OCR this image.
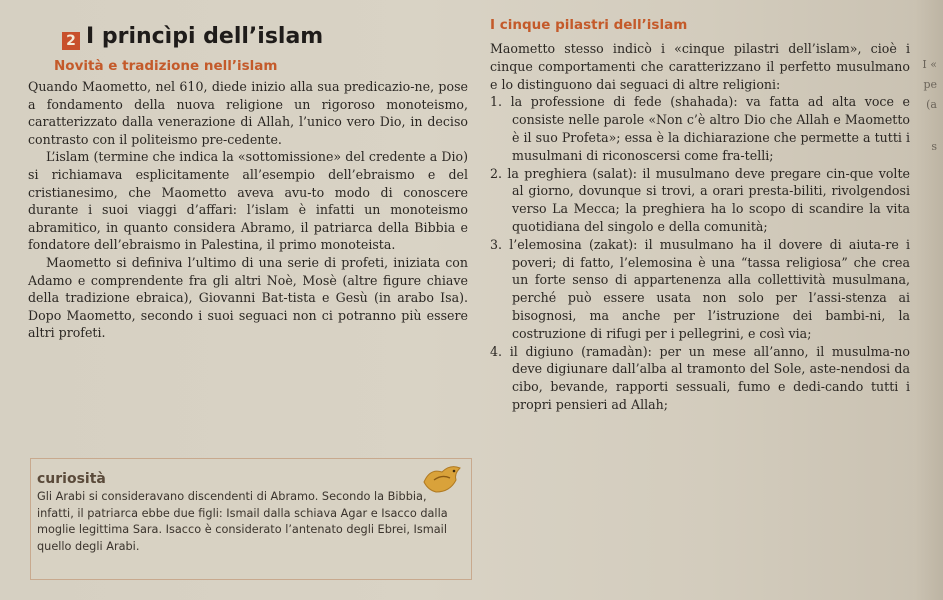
2 I princìpi dell’islam
Novità e tradizione nell’islam
I cinque pilastri dell’islam

Quando Maometto, nel 610, diede inizio alla sua predicazio-ne, pose a fondamento della nuova religione un rigoroso monoteismo, caratterizzato dalla venerazione di Allah, l’unico vero Dio, in deciso contrasto con il politeismo pre-cedente.

L’islam (termine che indica la «sottomissione» del credente a Dio) si richiamava esplicitamente all’esempio dell’ebraismo e del cristianesimo, che Maometto aveva avu-to modo di conoscere durante i suoi viaggi d’affari: l’islam è infatti un monoteismo abramitico, in quanto considera Abramo, il patriarca della Bibbia e fondatore dell’ebraismo in Palestina, il primo monoteista.

Maometto si definiva l’ultimo di una serie di profeti, iniziata con Adamo e comprendente fra gli altri Noè, Mosè (altre figure chiave della tradizione ebraica), Giovanni Bat-tista e Gesù (in arabo Isa). Dopo Maometto, secondo i suoi seguaci non ci potranno più essere altri profeti.

Maometto stesso indicò i «cinque pilastri dell’islam», cioè i cinque comportamenti che caratterizzano il perfetto musulmano e lo distinguono dai seguaci di altre religioni:

1. la professione di fede (shahada): va fatta ad alta voce e consiste nelle parole «Non c’è altro Dio che Allah e Maometto è il suo Profeta»; essa è la dichiarazione che permette a tutti i musulmani di riconoscersi come fra-telli;

2. la preghiera (salat): il musulmano deve pregare cin-que volte al giorno, dovunque si trovi, a orari presta-biliti, rivolgendosi verso La Mecca; la preghiera ha lo scopo di scandire la vita quotidiana del singolo e della comunità;

3. l’elemosina (zakat): il musulmano ha il dovere di aiuta-re i poveri; di fatto, l’elemosina è una “tassa religiosa” che crea un forte senso di appartenenza alla collettività musulmana, perché può essere usata non solo per l’assi-stenza ai bisognosi, ma anche per l’istruzione dei bambi-ni, la costruzione di rifugi per i pellegrini, e così via;

4. il digiuno (ramadàn): per un mese all’anno, il musulma-no deve digiunare dall’alba al tramonto del Sole, aste-nendosi da cibo, bevande, rapporti sessuali, fumo e dedi-cando tutti i propri pensieri ad Allah;

curiosità
Gli Arabi si consideravano discendenti di Abramo. Secondo la Bibbia, infatti, il patriarca ebbe due figli: Ismail dalla schiava Agar e Isacco dalla moglie legittima Sara. Isacco è considerato l’antenato degli Ebrei, Ismail quello degli Arabi.
I «
pe
(a
s
